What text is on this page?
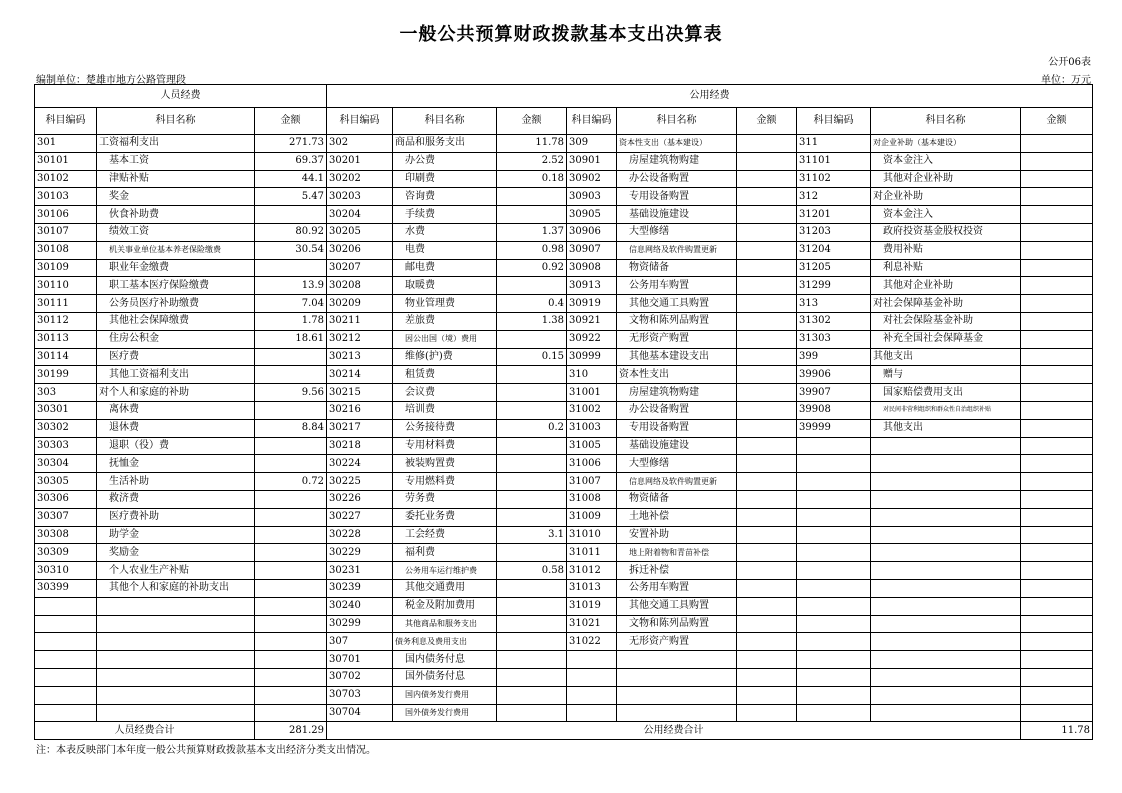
一般公共预算财政拨款基本支出决算表
公开06表
编制单位：楚雄市地方公路管理段	单位：万元
人员经费			公用经费								
科目编码	科目名称	金额	科目编码	科目名称	金额	科目编码	科目名称	金额	科目编码	科目名称	金额
301	工资福利支出	271.73	302	商品和服务支出	11.78	309	资本性支出（基本建设）		311	对企业补助（基本建设）	
30101	基本工资	69.37	30201	办公费	2.52	30901	房屋建筑物购建		31101	资本金注入	
30102	津贴补贴	44.1	30202	印刷费	0.18	30902	办公设备购置		31102	其他对企业补助	
30103	奖金	5.47	30203	咨询费		30903	专用设备购置		312	对企业补助	
30106	伙食补助费		30204	手续费		30905	基础设施建设		31201	资本金注入	
30107	绩效工资	80.92	30205	水费	1.37	30906	大型修缮		31203	政府投资基金股权投资	
30108	机关事业单位基本养老保险缴费	30.54	30206	电费	0.98	30907	信息网络及软件购置更新		31204	费用补贴	
30109	职业年金缴费		30207	邮电费	0.92	30908	物资储备		31205	利息补贴	
30110	职工基本医疗保险缴费	13.9	30208	取暖费		30913	公务用车购置		31299	其他对企业补助	
30111	公务员医疗补助缴费	7.04	30209	物业管理费	0.4	30919	其他交通工具购置		313	对社会保障基金补助	
30112	其他社会保障缴费	1.78	30211	差旅费	1.38	30921	文物和陈列品购置		31302	对社会保险基金补助	
30113	住房公积金	18.61	30212	因公出国（境）费用		30922	无形资产购置		31303	补充全国社会保障基金	
30114	医疗费		30213	维修(护)费	0.15	30999	其他基本建设支出		399	其他支出	
30199	其他工资福利支出		30214	租赁费		310	资本性支出		39906	赠与	
303	对个人和家庭的补助	9.56	30215	会议费		31001	房屋建筑物购建		39907	国家赔偿费用支出	
30301	离休费		30216	培训费		31002	办公设备购置		39908	对民间非营利组织和群众性自治组织补贴	
30302	退休费	8.84	30217	公务接待费	0.2	31003	专用设备购置		39999	其他支出	
30303	退职（役）费		30218	专用材料费		31005	基础设施建设				
30304	抚恤金		30224	被装购置费		31006	大型修缮				
30305	生活补助	0.72	30225	专用燃料费		31007	信息网络及软件购置更新				
30306	救济费		30226	劳务费		31008	物资储备				
30307	医疗费补助		30227	委托业务费		31009	土地补偿				
30308	助学金		30228	工会经费	3.1	31010	安置补助				
30309	奖励金		30229	福利费		31011	地上附着物和青苗补偿				
30310	个人农业生产补贴		30231	公务用车运行维护费	0.58	31012	拆迁补偿				
30399	其他个人和家庭的补助支出		30239	其他交通费用		31013	公务用车购置				
			30240	税金及附加费用		31019	其他交通工具购置				
			30299	其他商品和服务支出		31021	文物和陈列品购置				
			307	债务利息及费用支出		31022	无形资产购置				
			30701	国内债务付息							
			30702	国外债务付息							
			30703	国内债务发行费用							
			30704	国外债务发行费用							
人员经费合计		281.29	公用经费合计								11.78
注：本表反映部门本年度一般公共预算财政拨款基本支出经济分类支出情况。
